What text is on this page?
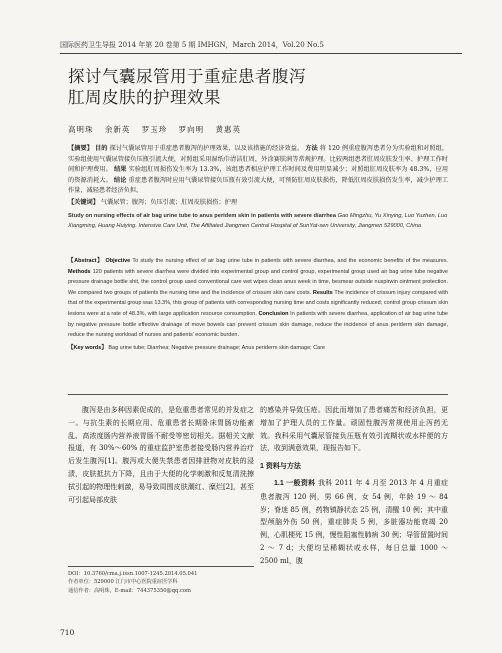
国际医药卫生导报 2014 年第 20 卷第 5 期 IMHGN，March 2014，Vol.20 No.5
探讨气囊尿管用于重症患者腹泻
肛周皮肤的护理效果
高明珠 余新英 罗玉珍 罗向明 黄惠英
【摘要】 目的 探讨气囊尿管用于重症患者腹泻的护理效果，以及该措施的经济效益。 方法 将 120 例重症腹泻患者分为实验组和对照组，实验组使用气囊尿管接负压瓶引流大便，对照组采用湿纸巾清洁肛周，外涂赛肤润等常规护理。比较两组患者肛周皮肤发生率、护理工作时间和护理费用。 结果 实验组肛周损伤发生率为 13.3%，该组患者相应护理工作时间及费用明显减少；对照组肛周皮肤率为 48.3%，应用的资源消耗大。 结论 重症患者腹泻时应用气囊尿管接负压瓶有效引流大便，可预防肛周皮肤损伤，降低肛周皮肤损伤发生率，减少护理工作量，减轻患者经济负担。
【关键词】 气囊尿管；腹泻；负压引流；肛周皮肤损伤；护理
Study on nursing effects of air bag urine tube to anus peridem skin in patients with severe diarrhea Gao Mingzhu, Yu Xinying, Luo Yuzhen, Luo Xiangming, Huang Huiying. Intensive Care Unit, The Affiliated Jiangmen Central Hospital of SunYat-sen University, Jiangmen 529000, China
【Abstract】 Objective To study the nursing effect of air bag urine tube in patients with severe diarrhea, and the economic benefits of the measures. Methods 120 patients with severe diarrhea were divided into experimental group and control group, experimental group used air bag urine tube negative pressure drainage bottle shit, the control group used conventional care wet wipes clean anus week in time, besmear outside nuspirwin ointment protection. We compared two groups of patients the nursing time and the incidence of crissum skin care costs. Results The incidence of crissum injury compared with that of the experimental group was 13.3%, this group of patients with corresponding nursing time and costs significantly reduced; control group crissum skin lesions were at a rate of 48.3%, with large application resource consumption. Conclusion In patients with severe diarrhea, application of air bag urine tube by negative pressure bottle effective drainage of move bowels can prevent crissum skin damage, reduce the incidence of anus periderm skin damage, reduce the nursing workload of nurses and patients’ economic burden.
【Key words】 Bag urine tube; Diarrhea; Negative pressure drainage; Anus periderm skin damage; Care

腹泻是由多种因素促成的，是危重患者常见的并发症之一。与抗生素的长期应用、危重患者长期卧床胃肠功能紊乱、高浓度肠内营养液胃肠不耐受等密切相关。据相关文献报道，有 30%～60% 的重症监护室患者接受肠内营养治疗后发生腹泻[1]。腹泻或大便失禁患者因排泄物对皮肤的浸渍，皮肤抵抗力下降，且由于大便的化学刺激和反复清洗擦拭引起的物理性刺激，易导致周围皮肤潮红、糜烂[2]，甚至可引起局部皮肤

的感染并导致压疮。因此而增加了患者痛苦和经济负担，更增加了护理人员的工作量。顽固性腹泻常规使用止泻药无效。我科采用气囊尿管接负压瓶有效引流糊状或水样便的方法，收到满意效果，现报告如下。

1 资料与方法

1.1 一般资料 我科 2011 年 4 月至 2013 年 4 月重症患者腹泻 120 例，男 66 例，女 54 例，年龄 19 ～ 84 岁；脊迷 85 例，药物镇静状态 25 例，清醒 10 例；其中重型颅脑外伤 50 例，重症肺炎 5 例，多脏器功能衰竭 20 例，心肌梗死 15 例，慢性阻塞性肺病 30 例；导管留置时间 2 ～ 7 d；大便均呈稀糊状或水样，每日总量 1000 ～ 2500 ml，腹

DOI：10.3760/cma.j.issn.1007-1245.2014.05.041
作者单位：529000 江门市中心医院重症医学科
通信作者：高明珠，E-mail：744375350@qq.com
710
